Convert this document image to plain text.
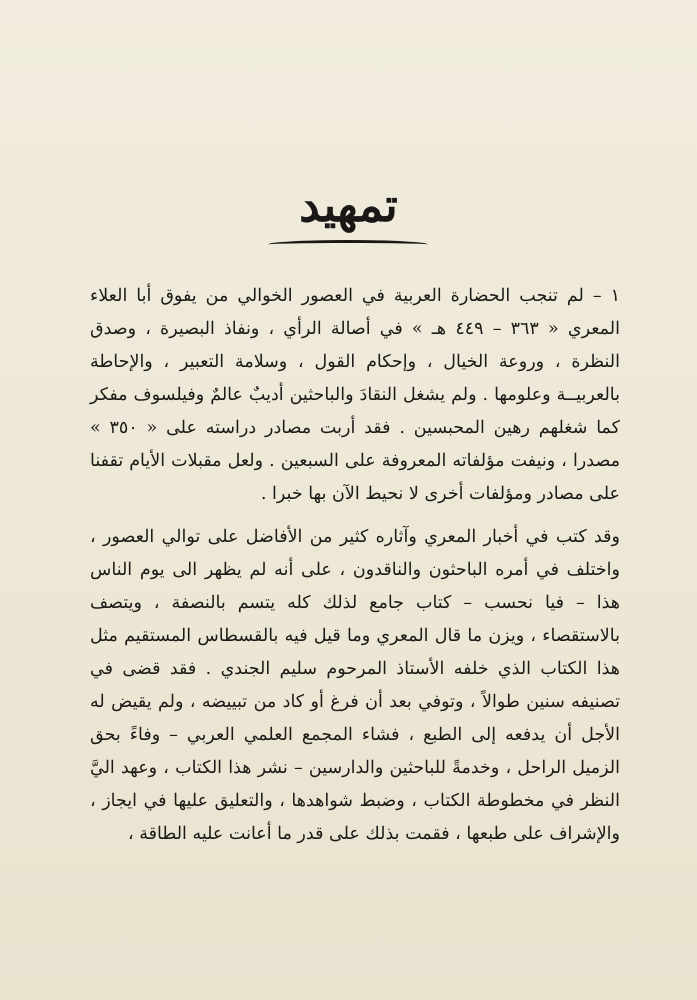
تمهيد

١ – لم تنجب الحضارة العربية في العصور الخوالي من يفوق أبا العلاء المعري « ٣٦٣ – ٤٤٩ هـ » في أصالة الرأي ، ونفاذ البصيرة ، وصدق النظرة ، وروعة الخيال ، وإحكام القول ، وسلامة التعبير ، والإحاطة بالعربيــة وعلومها . ولم يشغل النقادَ والباحثين أديبٌ عالمٌ وفيلسوف مفكر كما شغلهم رهين المحبسين . فقد أربت مصادر دراسته على « ٣٥٠ » مصدرا ، ونيفت مؤلفاته المعروفة على السبعين . ولعل مقبلات الأيام تقفنا على مصادر ومؤلفات أخرى لا نحيط الآن بها خبرا .

وقد كتب في أخبار المعري وآثاره كثير من الأفاضل على توالي العصور ، واختلف في أمره الباحثون والناقدون ، على أنه لم يظهر الى يوم الناس هذا – فيا نحسب – كتاب جامع لذلك كله يتسم بالنصفة ، ويتصف بالاستقصاء ، ويزن ما قال المعري وما قيل فيه بالقسطاس المستقيم مثل هذا الكتاب الذي خلفه الأستاذ المرحوم سليم الجندي . فقد قضى في تصنيفه سنين طوالاً ، وتوفي بعد أن فرغ أو كاد من تبييضه ، ولم يقيض له الأجل أن يدفعه إلى الطبع ، فشاء المجمع العلمي العربي – وفاءً بحق الزميل الراحل ، وخدمةً للباحثين والدارسين – نشر هذا الكتاب ، وعهد اليَّ النظر في مخطوطة الكتاب ، وضبط شواهدها ، والتعليق عليها في ايجاز ، والإشراف على طبعها ، فقمت بذلك على قدر ما أعانت عليه الطاقة ،
